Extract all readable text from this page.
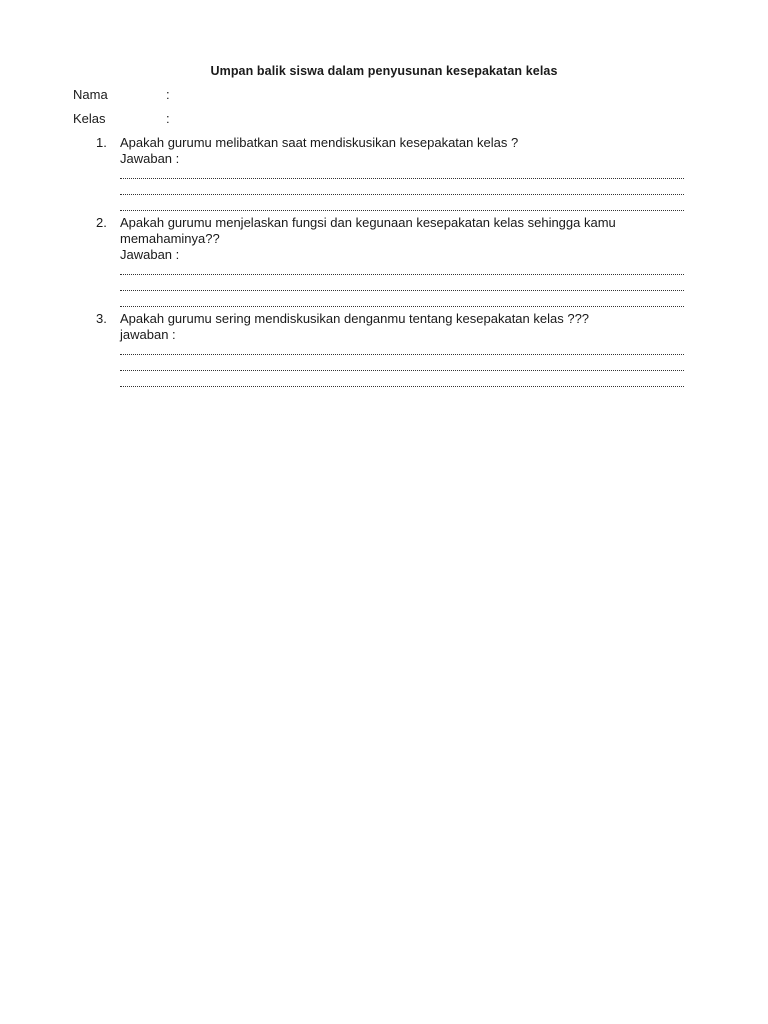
Umpan balik siswa dalam penyusunan kesepakatan kelas
Nama	:
Kelas	:
1. Apakah gurumu melibatkan saat mendiskusikan kesepakatan kelas ?
Jawaban :
2. Apakah gurumu menjelaskan fungsi dan kegunaan kesepakatan kelas sehingga kamu
memahaminya??
Jawaban :
3. Apakah gurumu sering mendiskusikan denganmu tentang kesepakatan kelas ???
jawaban :
